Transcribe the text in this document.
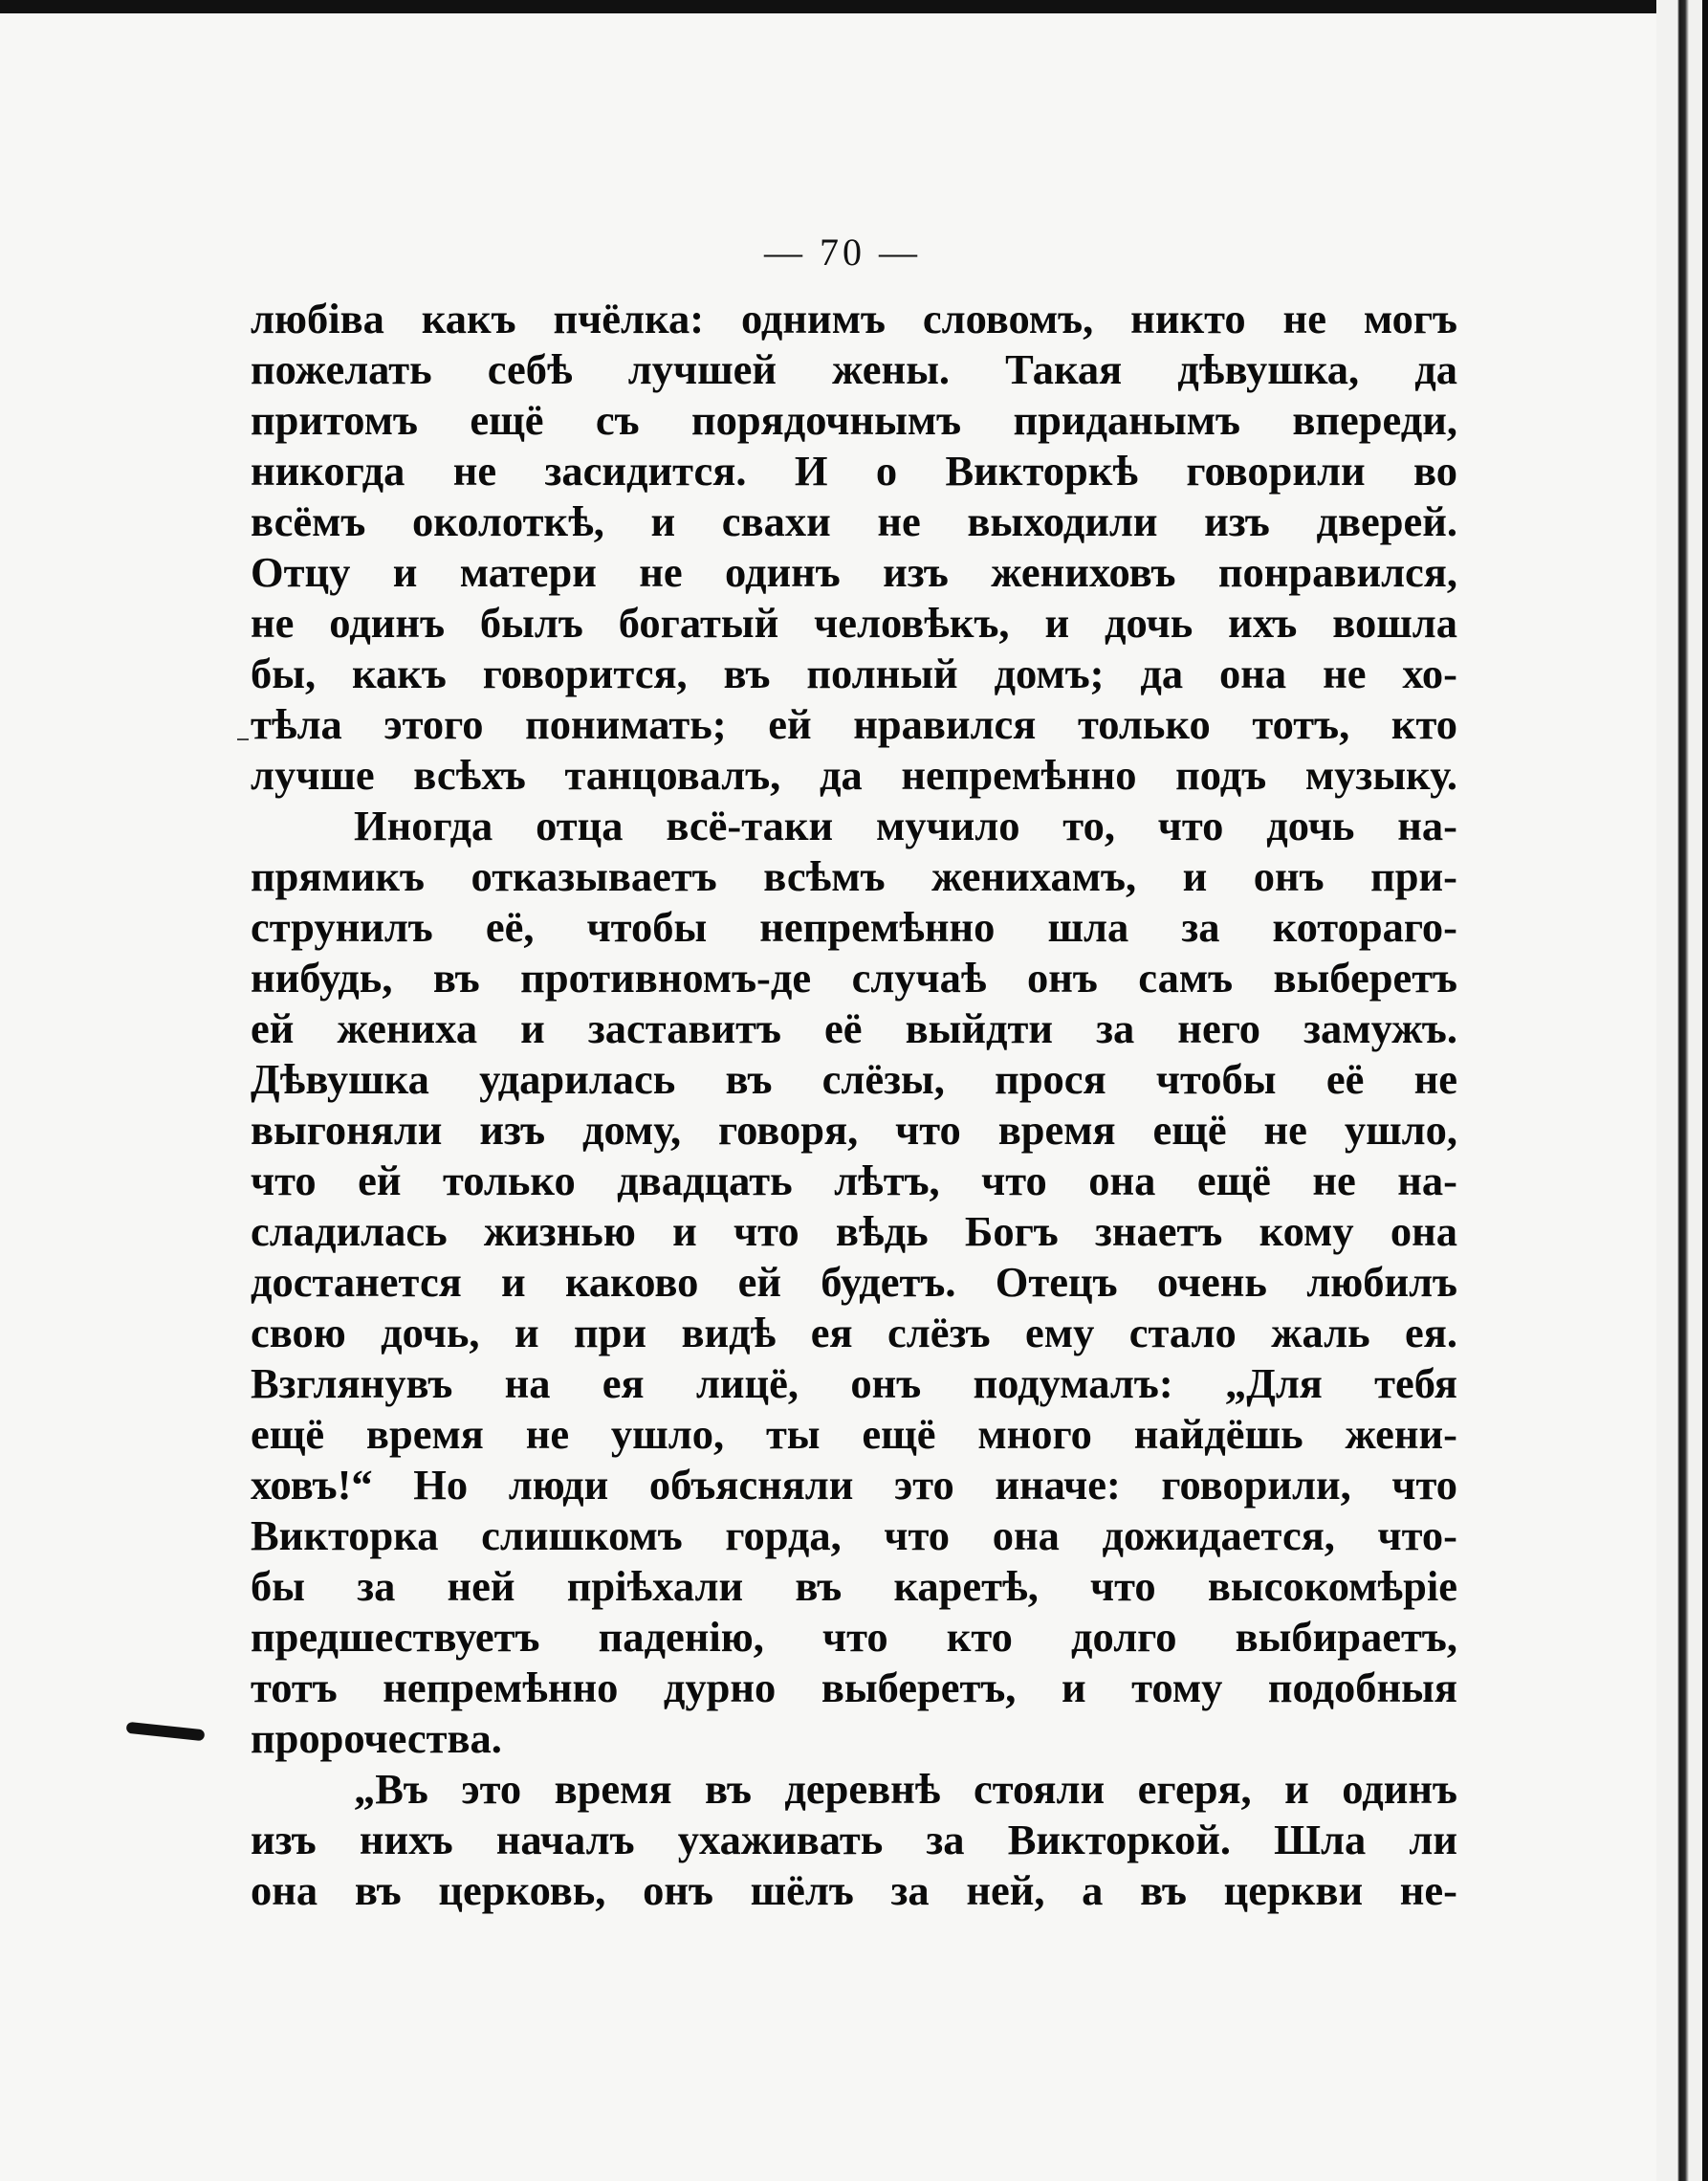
— 70 —
любіва какъ пчёлка: однимъ словомъ, никто не могъ
пожелать себѣ лучшей жены. Такая дѣвушка, да
притомъ ещё съ порядочнымъ приданымъ впереди,
никогда не засидится. И о Викторкѣ говорили во
всёмъ околоткѣ, и свахи не выходили изъ дверей.
Отцу и матери не одинъ изъ жениховъ понравился,
не одинъ былъ богатый человѣкъ, и дочь ихъ вошла
бы, какъ говорится, въ полный домъ; да она не хо-
тѣла этого понимать; ей нравился только тотъ, кто
лучше всѣхъ танцовалъ, да непремѣнно подъ музыку.
Иногда отца всё-таки мучило то, что дочь на-
прямикъ отказываетъ всѣмъ женихамъ, и онъ при-
струнилъ её, чтобы непремѣнно шла за котораго-
нибудь, въ противномъ-де случаѣ онъ самъ выберетъ
ей жениха и заставитъ её выйдти за него замужъ.
Дѣвушка ударилась въ слёзы, прося чтобы её не
выгоняли изъ дому, говоря, что время ещё не ушло,
что ей только двадцать лѣтъ, что она ещё не на-
сладилась жизнью и что вѣдь Богъ знаетъ кому она
достанется и каково ей будетъ. Отецъ очень любилъ
свою дочь, и при видѣ ея слёзъ ему стало жаль ея.
Взглянувъ на ея лицё, онъ подумалъ: „Для тебя
ещё время не ушло, ты ещё много найдёшь жени-
ховъ!“ Но люди объясняли это иначе: говорили, что
Викторка слишкомъ горда, что она дожидается, что-
бы за ней пріѣхали въ каретѣ, что высокомѣріе
предшествуетъ паденію, что кто долго выбираетъ,
тотъ непремѣнно дурно выберетъ, и тому подобныя
пророчества.
„Въ это время въ деревнѣ стояли егеря, и одинъ
изъ нихъ началъ ухаживать за Викторкой. Шла ли
она въ церковь, онъ шёлъ за ней, а въ церкви не-
